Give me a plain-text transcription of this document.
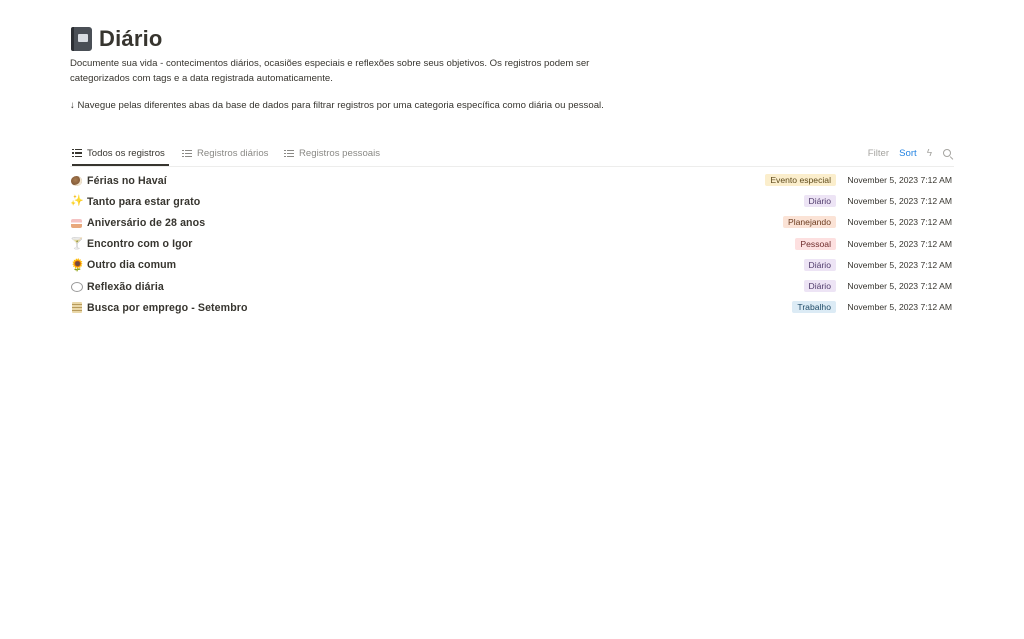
Diário
Documente sua vida - contecimentos diários, ocasiões especiais e reflexões sobre seus objetivos. Os registros podem ser categorizados com tags e a data registrada automaticamente.
↓ Navegue pelas diferentes abas da base de dados para filtrar registros por uma categoria específica como diária ou pessoal.
Todos os registros	Registros diários	Registros pessoais	Filter Sort ϟ
Férias no Havaí	Evento especial	November 5, 2023 7:12 AM
✨ Tanto para estar grato	Diário	November 5, 2023 7:12 AM
Aniversário de 28 anos	Planejando	November 5, 2023 7:12 AM
🍸 Encontro com o Igor	Pessoal	November 5, 2023 7:12 AM
🌻 Outro dia comum	Diário	November 5, 2023 7:12 AM
Reflexão diária	Diário	November 5, 2023 7:12 AM
Busca por emprego - Setembro	Trabalho	November 5, 2023 7:12 AM
